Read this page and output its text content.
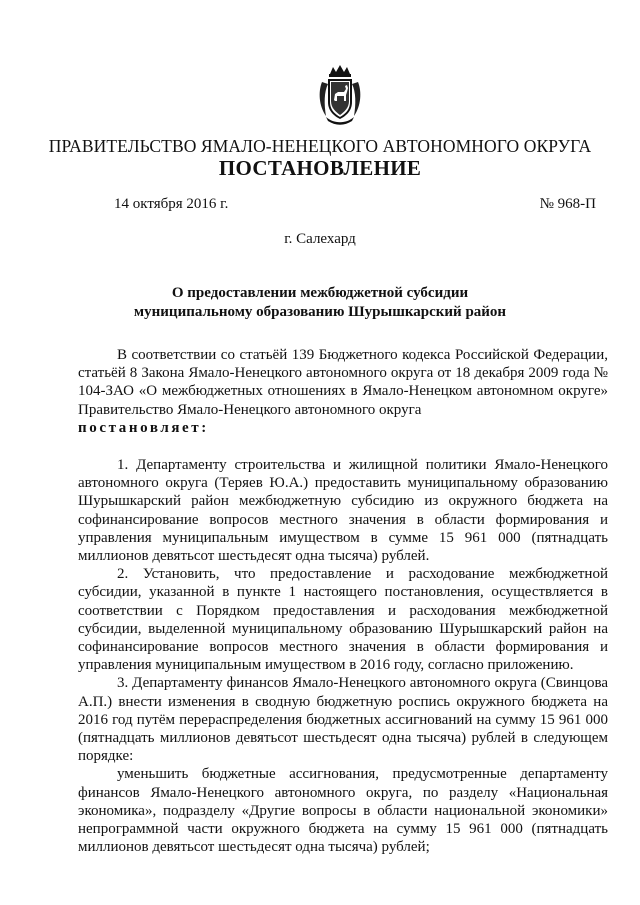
ПРАВИТЕЛЬСТВО ЯМАЛО-НЕНЕЦКОГО АВТОНОМНОГО ОКРУГА
ПОСТАНОВЛЕНИЕ
14 октября 2016 г.	№ 968-П
г. Салехард
О предоставлении межбюджетной субсидии
муниципальному образованию Шурышкарский район

В соответствии со статьёй 139 Бюджетного кодекса Российской Федерации, статьёй 8 Закона Ямало-Ненецкого автономного округа от 18 декабря 2009 года № 104-ЗАО «О межбюджетных отношениях в Ямало-Ненецком автономном округе» Правительство Ямало-Ненецкого автономного округа

постановляет:

1. Департаменту строительства и жилищной политики Ямало-Ненецкого автономного округа (Теряев Ю.А.) предоставить муниципальному образованию Шурышкарский район межбюджетную субсидию из окружного бюджета на софинансирование вопросов местного значения в области формирования и управления муниципальным имуществом в сумме 15 961 000 (пятнадцать миллионов девятьсот шестьдесят одна тысяча) рублей.

2. Установить, что предоставление и расходование межбюджетной субсидии, указанной в пункте 1 настоящего постановления, осуществляется в соответствии с Порядком предоставления и расходования межбюджетной субсидии, выделенной муниципальному образованию Шурышкарский район на софинансирование вопросов местного значения в области формирования и управления муниципальным имуществом в 2016 году, согласно приложению.

3. Департаменту финансов Ямало-Ненецкого автономного округа (Свинцова А.П.) внести изменения в сводную бюджетную роспись окружного бюджета на 2016 год путём перераспределения бюджетных ассигнований на сумму 15 961 000 (пятнадцать миллионов девятьсот шестьдесят одна тысяча) рублей в следующем порядке:

уменьшить бюджетные ассигнования, предусмотренные департаменту финансов Ямало-Ненецкого автономного округа, по разделу «Национальная экономика», подразделу «Другие вопросы в области национальной экономики» непрограммной части окружного бюджета на сумму 15 961 000 (пятнадцать миллионов девятьсот шестьдесят одна тысяча) рублей;
